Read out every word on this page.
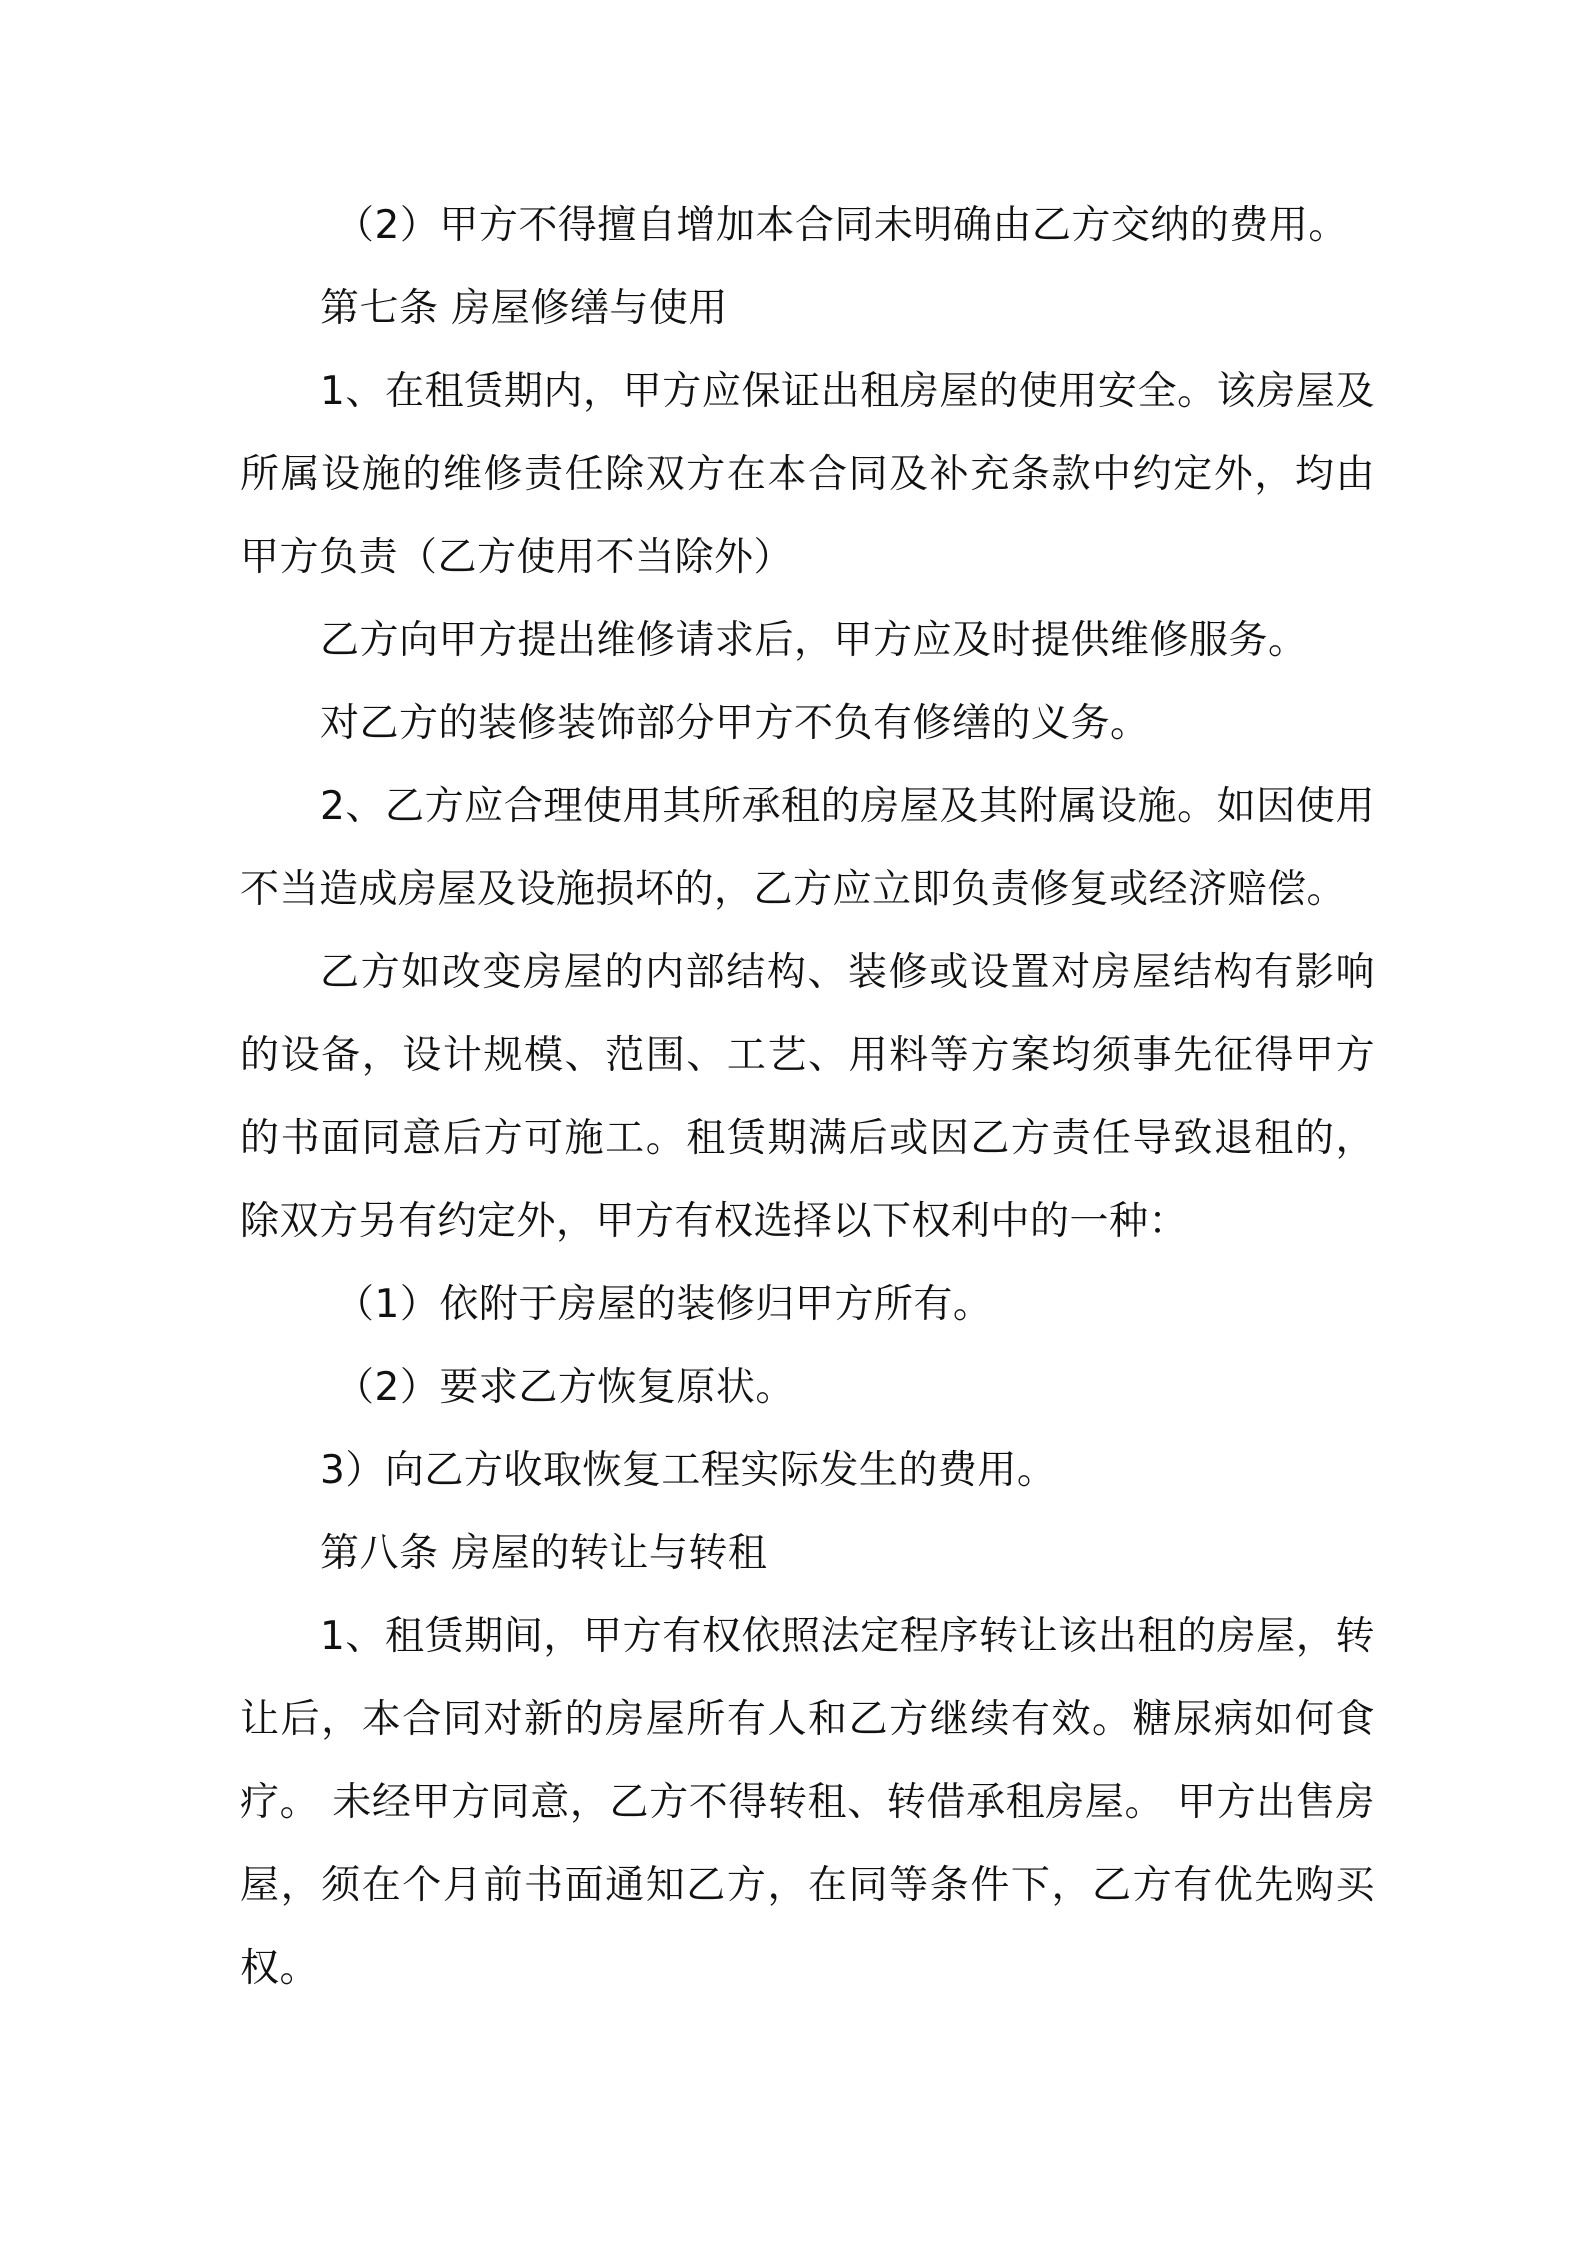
（2）甲方不得擅自增加本合同未明确由乙方交纳的费用。

第七条 房屋修缮与使用

1、在租赁期内，甲方应保证出租房屋的使用安全。该房屋及所属设施的维修责任除双方在本合同及补充条款中约定外，均由甲方负责（乙方使用不当除外）

乙方向甲方提出维修请求后，甲方应及时提供维修服务。

对乙方的装修装饰部分甲方不负有修缮的义务。

2、乙方应合理使用其所承租的房屋及其附属设施。如因使用不当造成房屋及设施损坏的，乙方应立即负责修复或经济赔偿。

乙方如改变房屋的内部结构、装修或设置对房屋结构有影响的设备，设计规模、范围、工艺、用料等方案均须事先征得甲方的书面同意后方可施工。租赁期满后或因乙方责任导致退租的，除双方另有约定外，甲方有权选择以下权利中的一种：

（1）依附于房屋的装修归甲方所有。

（2）要求乙方恢复原状。

3）向乙方收取恢复工程实际发生的费用。

第八条 房屋的转让与转租

1、租赁期间，甲方有权依照法定程序转让该出租的房屋，转让后，本合同对新的房屋所有人和乙方继续有效。糖尿病如何食疗。 未经甲方同意，乙方不得转租、转借承租房屋。 甲方出售房屋，须在个月前书面通知乙方，在同等条件下，乙方有优先购买权。
